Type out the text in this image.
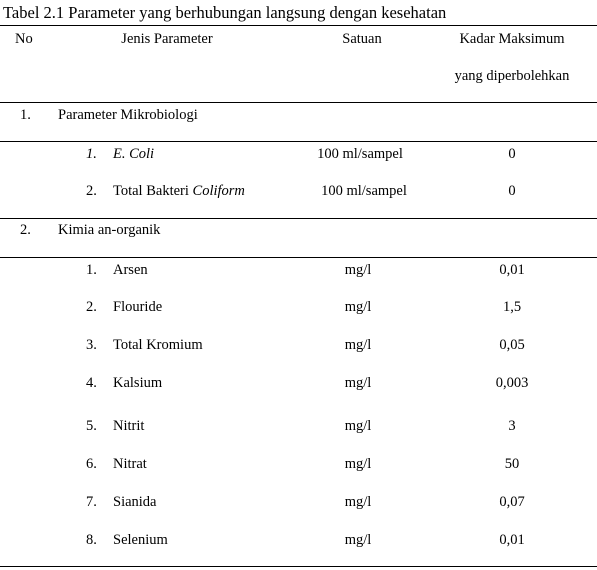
Tabel 2.1 Parameter yang berhubungan langsung dengan kesehatan
No	Jenis Parameter	Satuan	Kadar Maksimum
yang diperbolehkan
1. Parameter Mikrobiologi
1. E. Coli	100 ml/sampel	0
2. Total Bakteri Coliform	100 ml/sampel	0
2. Kimia an-organik
1. Arsen	mg/l	0,01
2. Flouride	mg/l	1,5
3. Total Kromium	mg/l	0,05
4. Kalsium	mg/l	0,003
5. Nitrit	mg/l	3
6. Nitrat	mg/l	50
7. Sianida	mg/l	0,07
8. Selenium	mg/l	0,01
